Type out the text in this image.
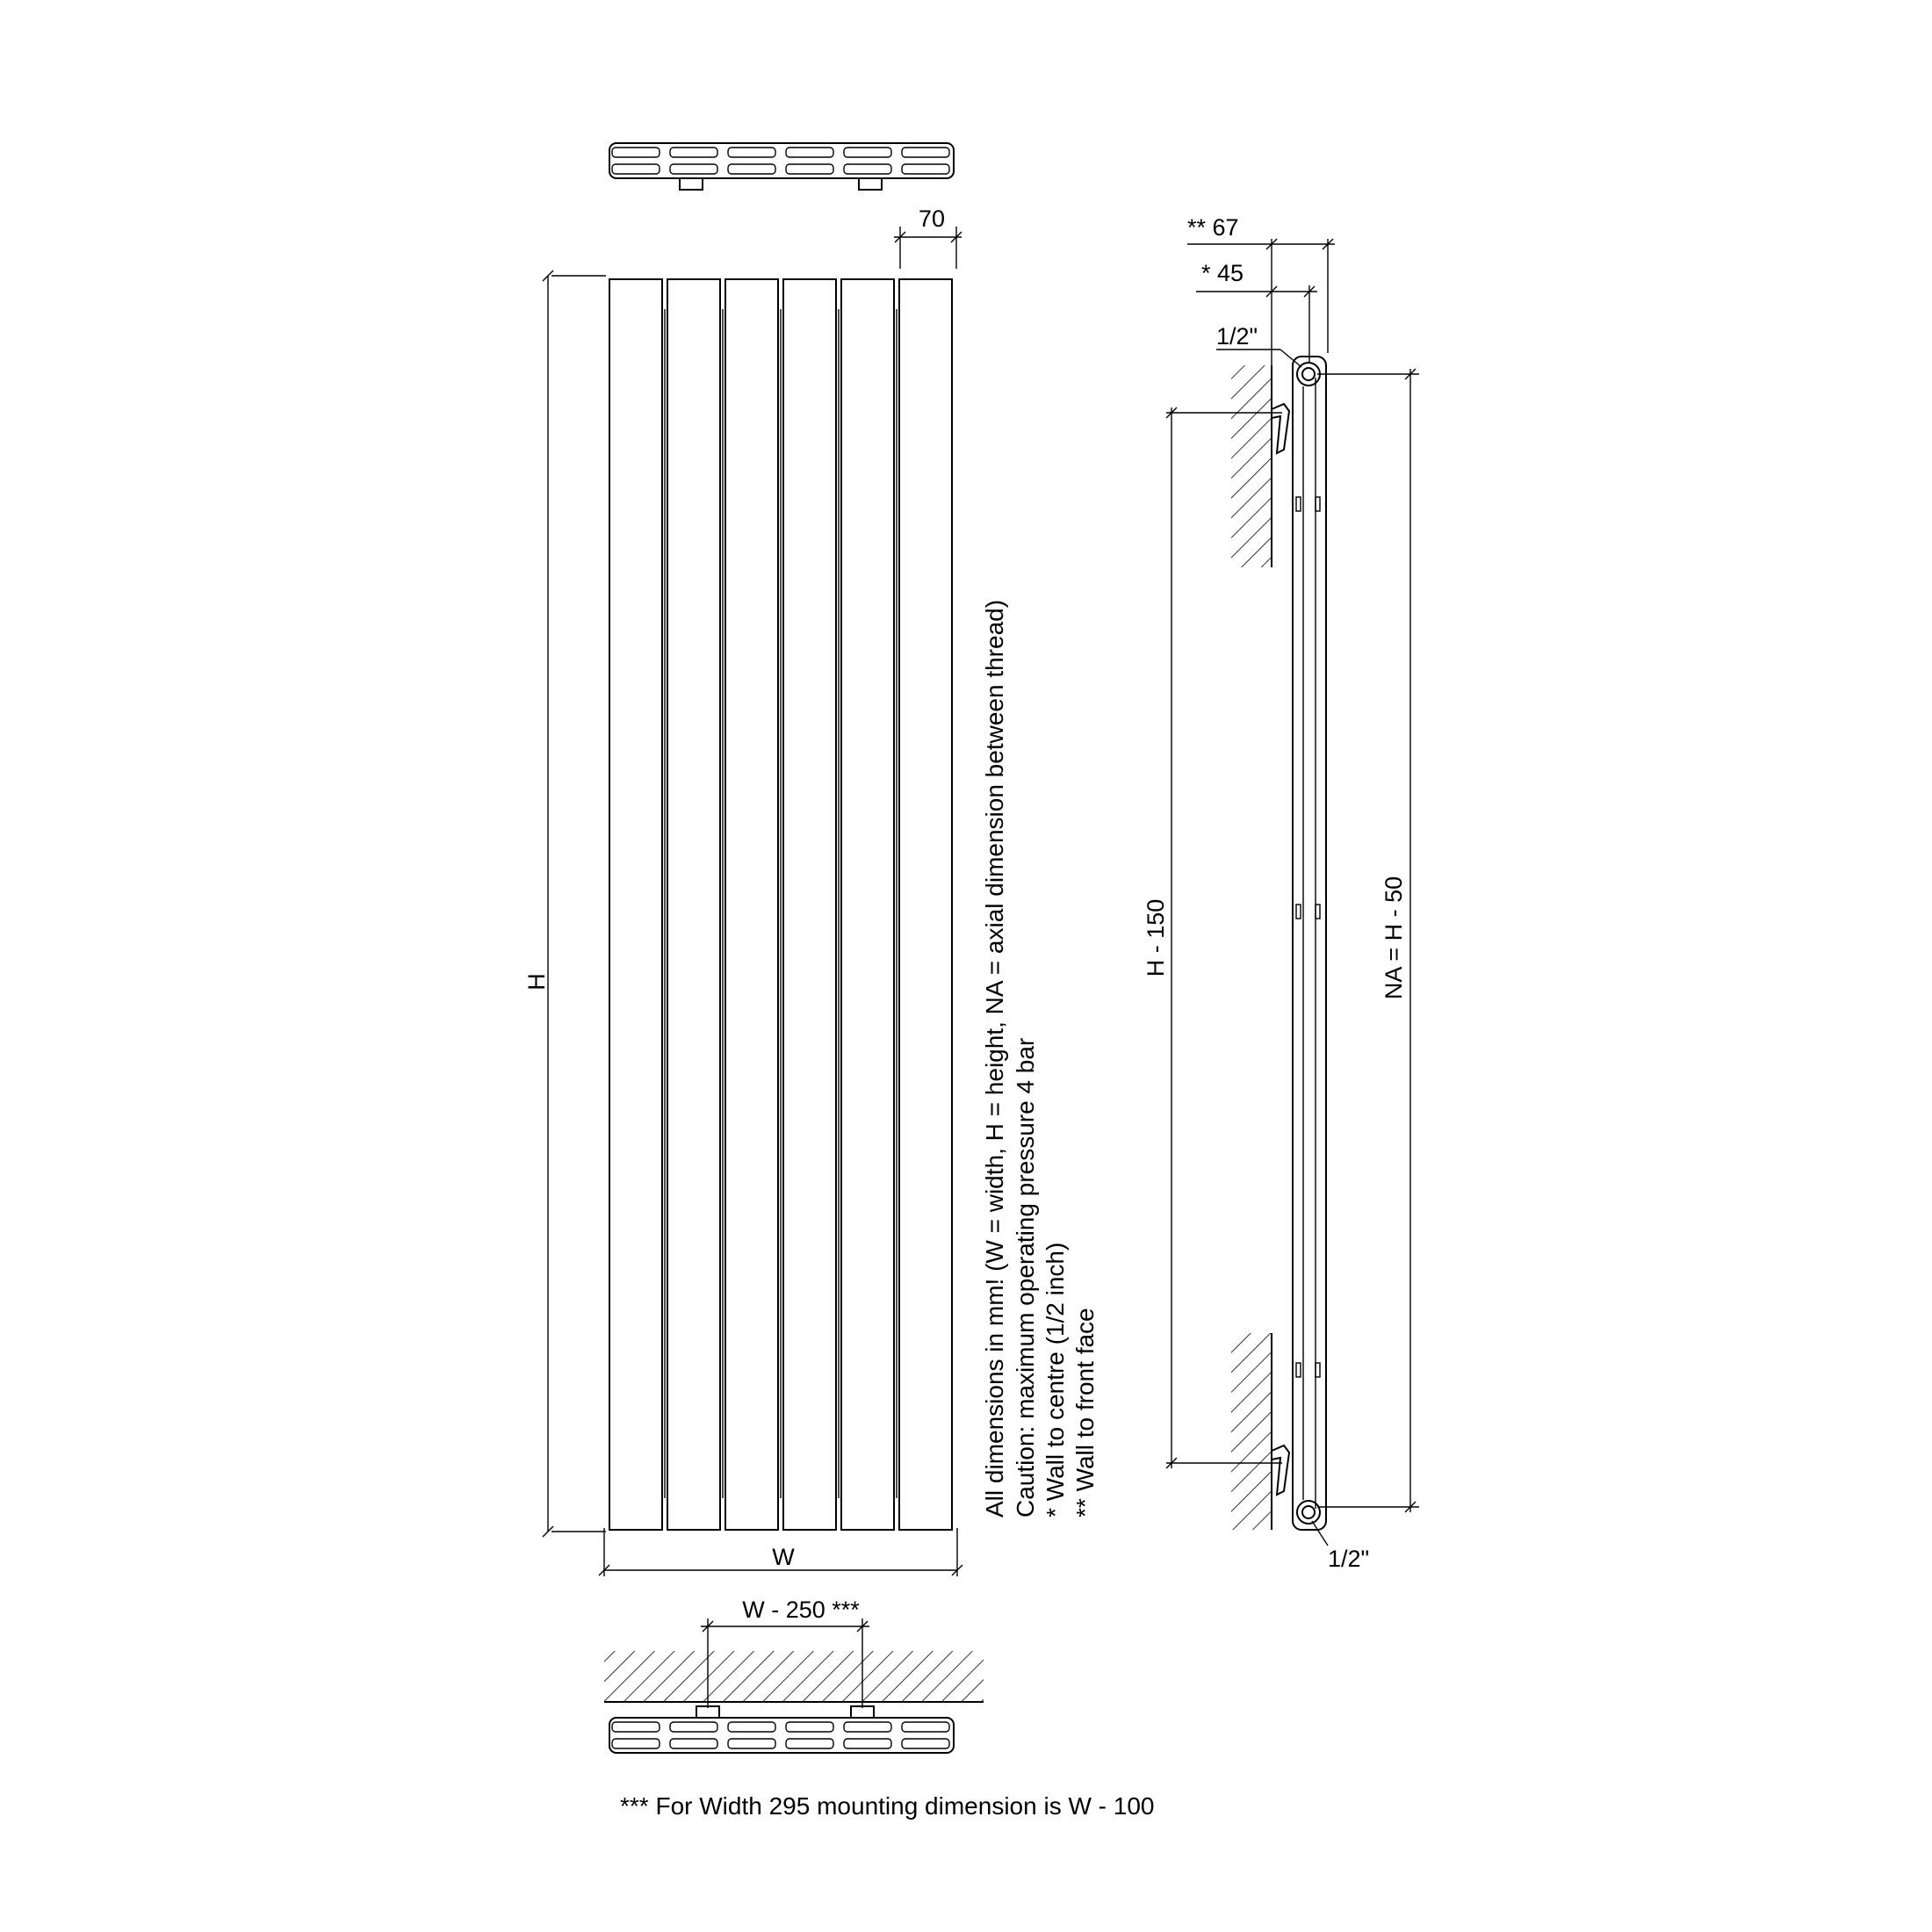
W
H
70
W - 250 ***
*** For Width 295 mounting dimension is W - 100
All dimensions in mm! (W = width, H = height, NA = axial dimension between thread) Caution: maximum operating pressure 4 bar * Wall to centre (1/2 inch) ** Wall to front face
1/2"
1/2"
** 67
* 45
H - 150	NA = H - 50
